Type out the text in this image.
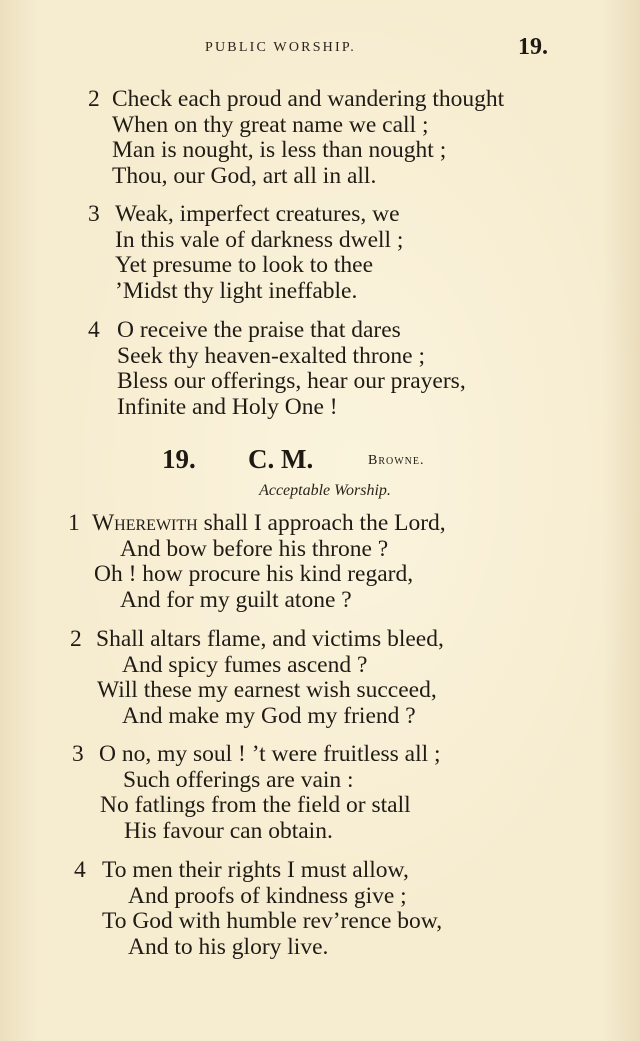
PUBLIC WORSHIP.	19.
2 Check each proud and wandering thought
When on thy great name we call ;
Man is nought, is less than nought ;
Thou, our God, art all in all.
3 Weak, imperfect creatures, we
In this vale of darkness dwell ;
Yet presume to look to thee
’Midst thy light ineffable.
4 O receive the praise that dares
Seek thy heaven-exalted throne ;
Bless our offerings, hear our prayers,
Infinite and Holy One !
19. C. M.	Browne.
Acceptable Worship.
1 Wherewith shall I approach the Lord,
And bow before his throne ?
Oh ! how procure his kind regard,
And for my guilt atone ?
2 Shall altars flame, and victims bleed,
And spicy fumes ascend ?
Will these my earnest wish succeed,
And make my God my friend ?
3 O no, my soul ! ’t were fruitless all ;
Such offerings are vain :
No fatlings from the field or stall
His favour can obtain.
4 To men their rights I must allow,
And proofs of kindness give ;
To God with humble rev’rence bow,
And to his glory live.
